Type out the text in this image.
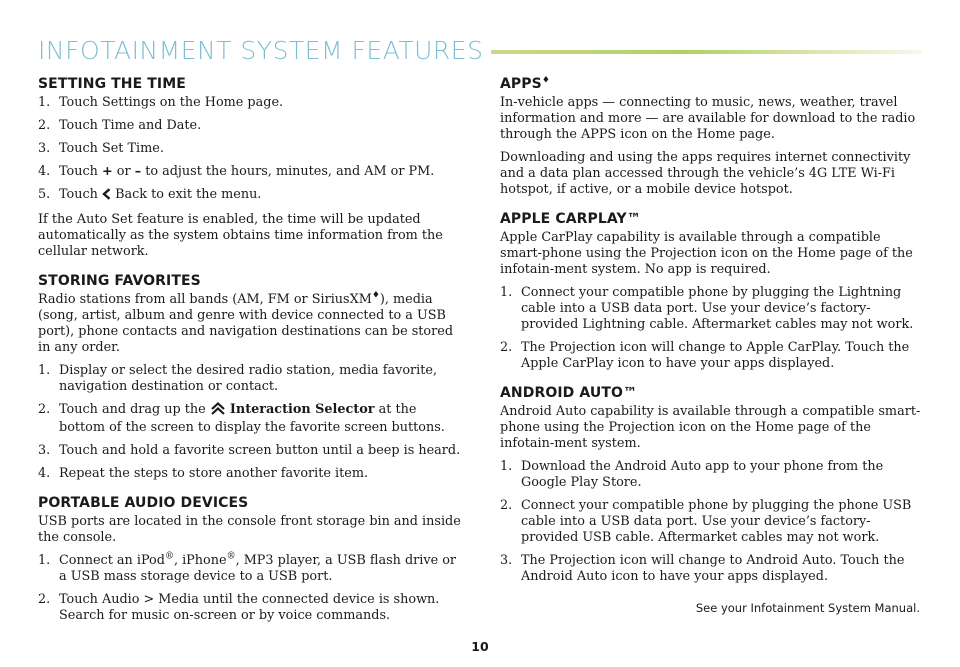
INFOTAINMENT SYSTEM FEATURES
SETTING THE TIME
1. Touch Settings on the Home page.
2. Touch Time and Date.
3. Touch Set Time.
4. Touch + or – to adjust the hours, minutes, and AM or PM.
5. Touch Back to exit the menu.

If the Auto Set feature is enabled, the time will be updated automatically as the system obtains time information from the cellular network.

STORING FAVORITES

Radio stations from all bands (AM, FM or SiriusXM♦), media (song, artist, album and genre with device connected to a USB port), phone contacts and navigation destinations can be stored in any order.

1. Display or select the desired radio station, media favorite, navigation destination or contact.
2. Touch and drag up the Interaction Selector at the bottom of the screen to display the favorite screen buttons.
3. Touch and hold a favorite screen button until a beep is heard.
4. Repeat the steps to store another favorite item.
PORTABLE AUDIO DEVICES

USB ports are located in the console front storage bin and inside the console.

1. Connect an iPod®, iPhone®, MP3 player, a USB flash drive or a USB mass storage device to a USB port.
2. Touch Audio > Media until the connected device is shown. Search for music on-screen or by voice commands.
APPS♦

In-vehicle apps — connecting to music, news, weather, travel information and more — are available for download to the radio through the APPS icon on the Home page.

Downloading and using the apps requires internet connectivity and a data plan accessed through the vehicle’s 4G LTE Wi-Fi hotspot, if active, or a mobile device hotspot.

APPLE CARPLAY™

Apple CarPlay capability is available through a compatible smart-phone using the Projection icon on the Home page of the infotain-ment system. No app is required.

1. Connect your compatible phone by plugging the Lightning cable into a USB data port. Use your device’s factory-provided Lightning cable. Aftermarket cables may not work.
2. The Projection icon will change to Apple CarPlay. Touch the Apple CarPlay icon to have your apps displayed.
ANDROID AUTO™

Android Auto capability is available through a compatible smart-phone using the Projection icon on the Home page of the infotain-ment system.

1. Download the Android Auto app to your phone from the Google Play Store.
2. Connect your compatible phone by plugging the phone USB cable into a USB data port. Use your device’s factory-provided USB cable. Aftermarket cables may not work.
3. The Projection icon will change to Android Auto. Touch the Android Auto icon to have your apps displayed.
See your Infotainment System Manual.
10
